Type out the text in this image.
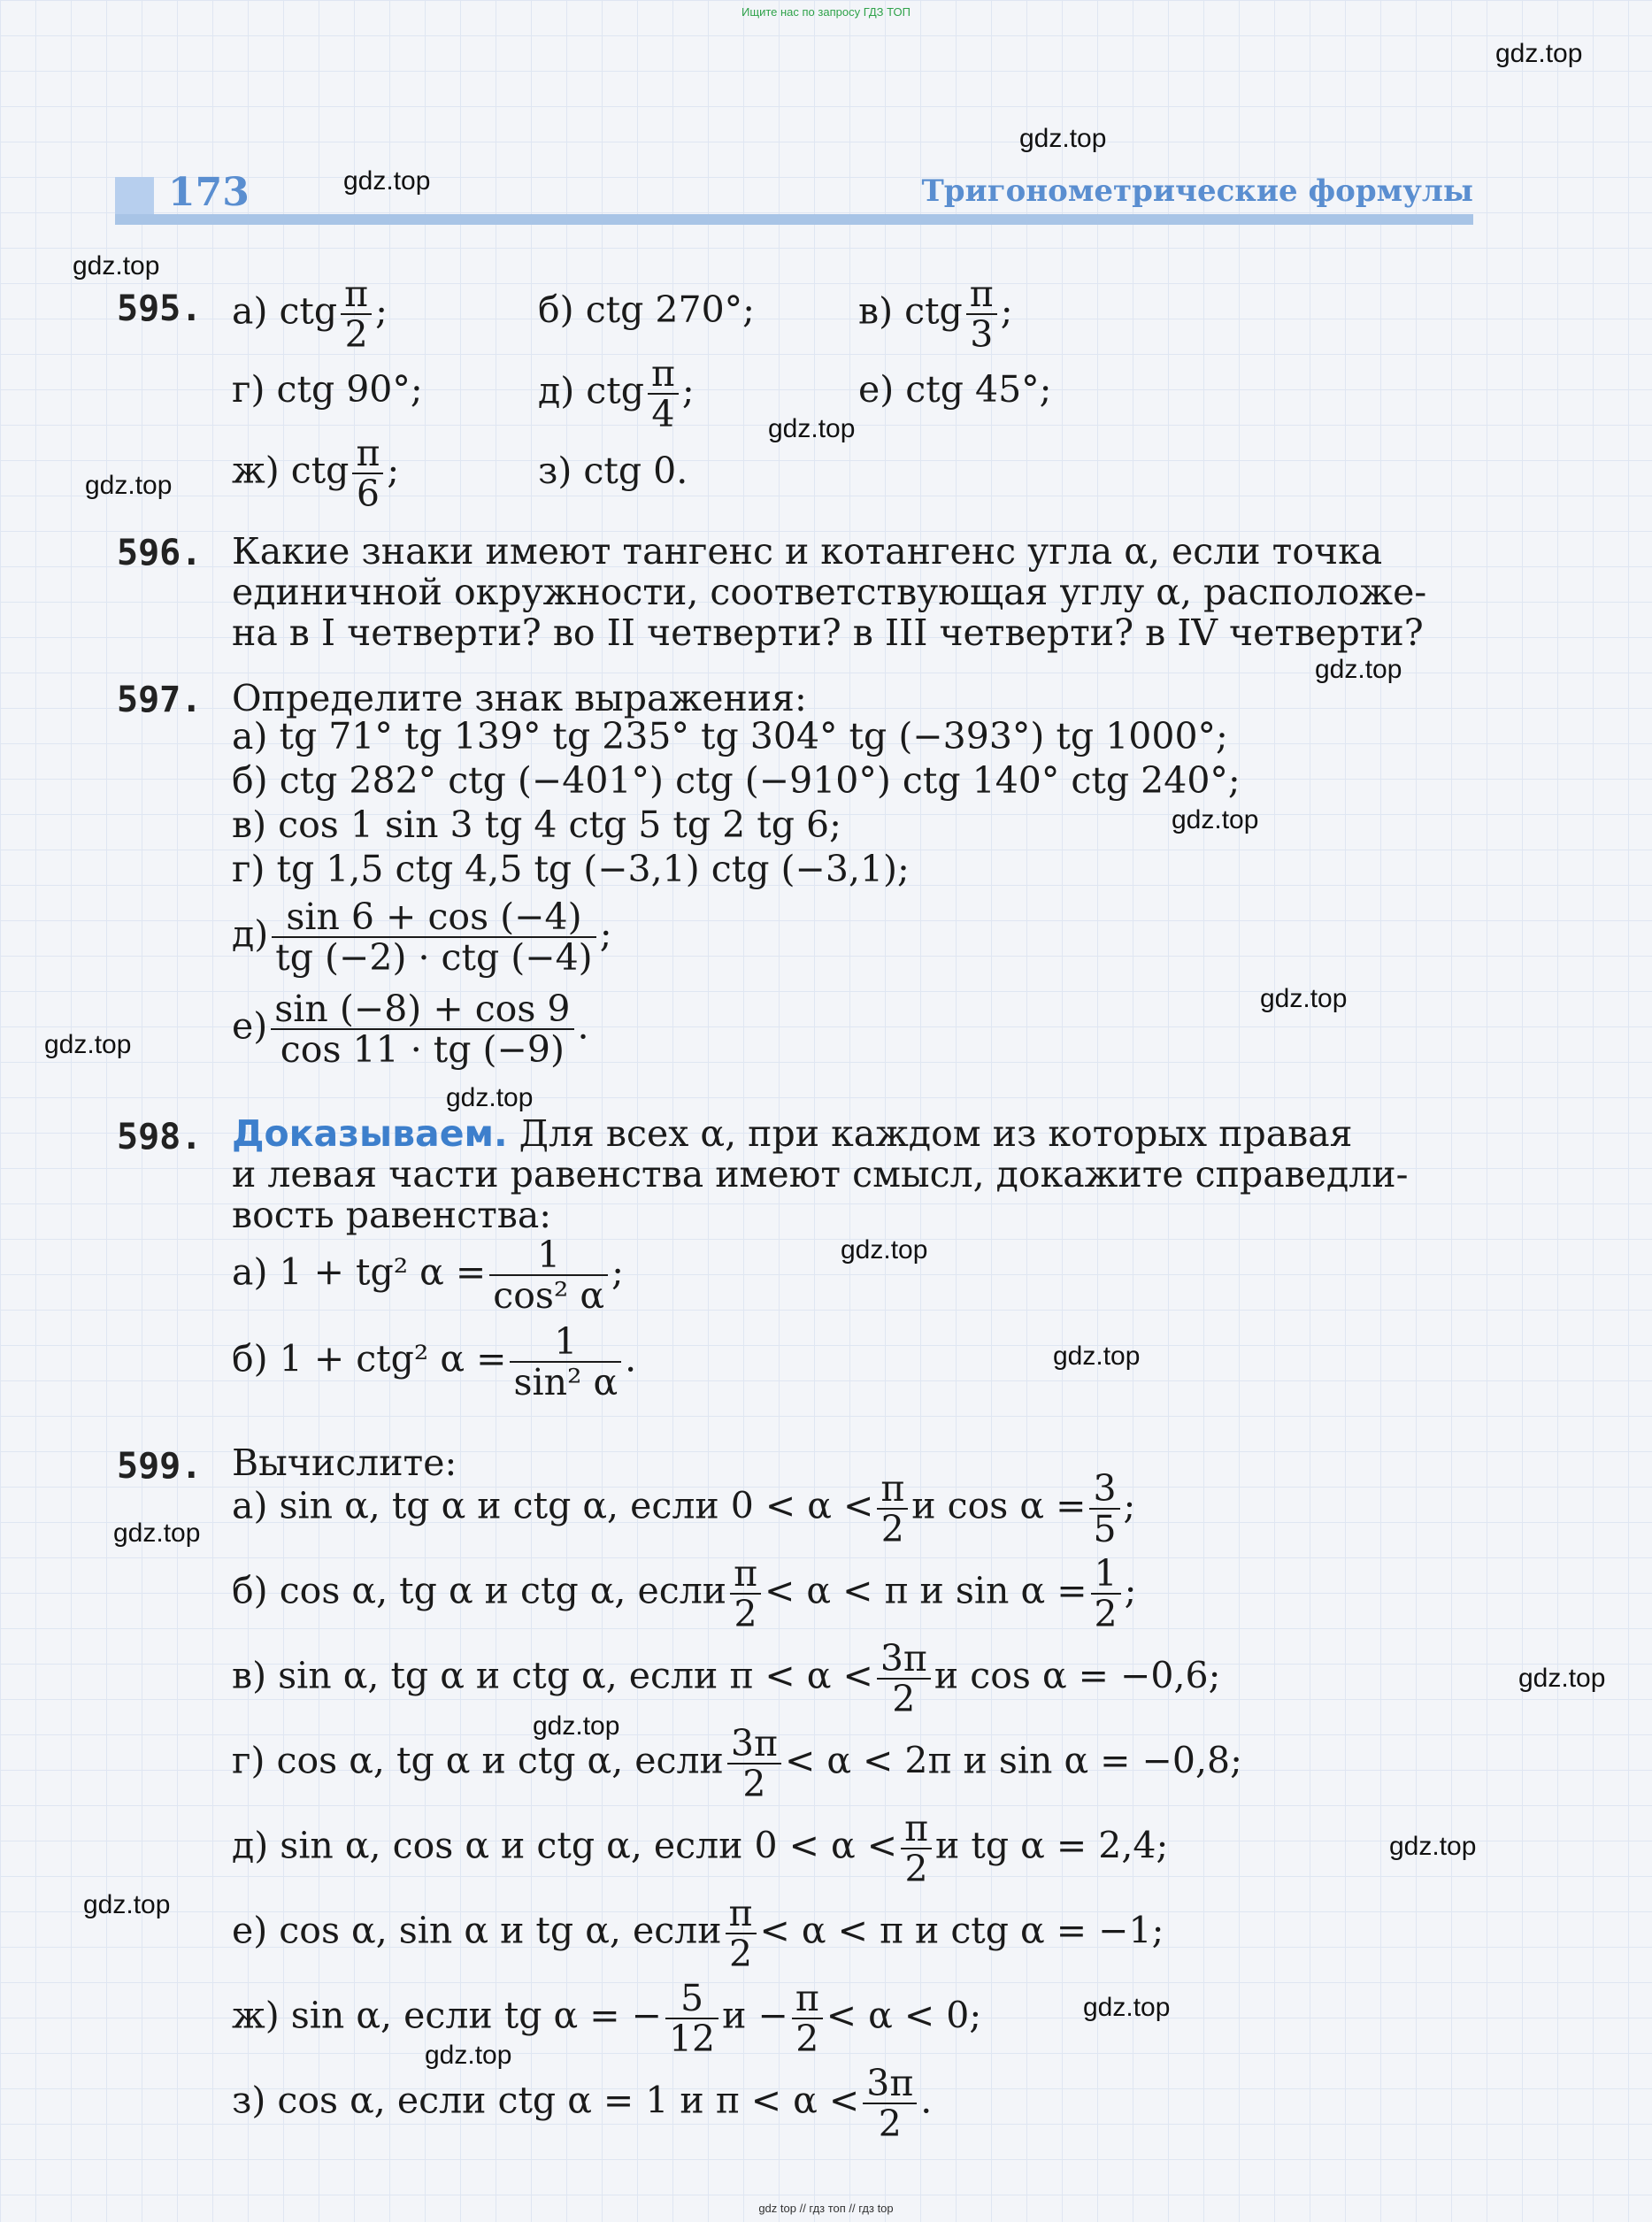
Ищите нас по запросу ГДЗ ТОП
gdz.top
gdz.top
gdz.top
gdz.top
gdz.top
gdz.top
gdz.top
gdz.top
gdz.top
gdz.top
gdz.top
gdz.top
gdz.top
gdz.top
gdz.top
gdz.top
gdz.top
gdz.top
gdz.top
gdz.top
173	Тригонометрические формулы
595. а) ctg $\frac{\pi}{2}$ ;	б) ctg 270°;	в) ctg $\frac{\pi}{3}$ ;
г) ctg 90°;	д) ctg $\frac{\pi}{4}$ ;	е) ctg 45°;
ж) ctg $\frac{\pi}{6}$ ;	з) ctg 0.
596. Какие знаки имеют тангенс и котангенс угла α, если точка
единичной окружности, соответствующая углу α, расположе-
на в I четверти? во II четверти? в III четверти? в IV четверти?
597. Определите знак выражения:
а) tg 71° tg 139° tg 235° tg 304° tg (−393°) tg 1000°;
б) ctg 282° ctg (−401°) ctg (−910°) ctg 140° ctg 240°;
в) cos 1 sin 3 tg 4 ctg 5 tg 2 tg 6;
г) tg 1,5 ctg 4,5 tg (−3,1) ctg (−3,1);
$д) \frac{\sin 6 + \cos (-4)}{\text{tg (−2) · ctg (−4)}}$ ;
$е) \frac{\sin (-8) + \cos 9}{\cos 11 \cdot tg (-9)}$ .
598. Доказываем. Для всех α, при каждом из которых правая
и левая части равенства имеют смысл, докажите справедли-
вость равенства:
а) 1 + tg² $\alpha = \frac{1}{\text{cos² α}}$ ;
б) 1 + ctg² $\alpha = \frac{1}{\text{sin² α}}$ .
599. Вычислите:
а) sin α, tg α и ctg α, если $0 < \alpha < \frac{\pi}{2}$ и $\cos \alpha = \frac{3}{5}$ ;
б) cos α, tg α и ctg α, если $\frac{\pi}{2} < \alpha < \pi$ и $\sin \alpha = \frac{1}{2}$ ;
в) sin α, tg α и ctg α, если $\pi < \alpha < \frac{3\pi}{2}$ и cos α = −0,6;
г) cos α, tg α и ctg α, если $\frac{3\pi}{2} < \alpha < 2\pi$ и sin α = −0,8;
д) sin α, cos α и ctg α, если $0 < \alpha < \frac{\pi}{2}$ и tg α = 2,4;
е) cos α, sin α и tg α, если $\frac{\pi}{2} < \alpha < \pi$ и ctg α = −1;
ж) sin α, если tg α = − $\frac{5}{12}$ $и - \frac{\pi}{2} < \alpha < 0$;
з) cos α, если ctg α = 1 и $\pi < \alpha < \frac{3\pi}{2}$ .
gdz top // гдз топ // гдз top
